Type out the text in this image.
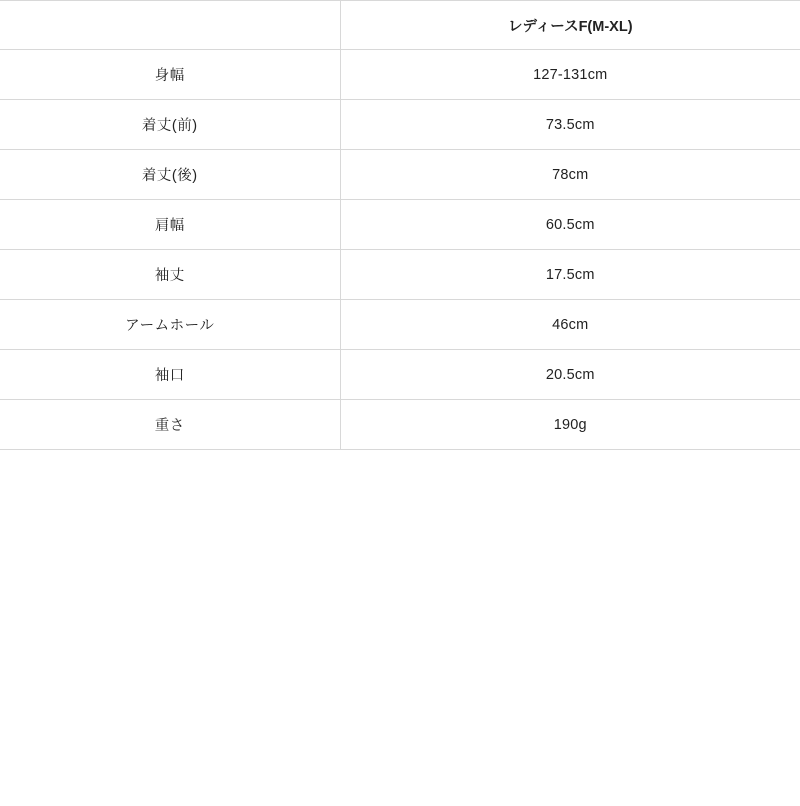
	レディースF(M-XL)
身幅	127-131cm
着丈(前)	73.5cm
着丈(後)	78cm
肩幅	60.5cm
袖丈	17.5cm
アームホール	46cm
袖口	20.5cm
重さ	190g
